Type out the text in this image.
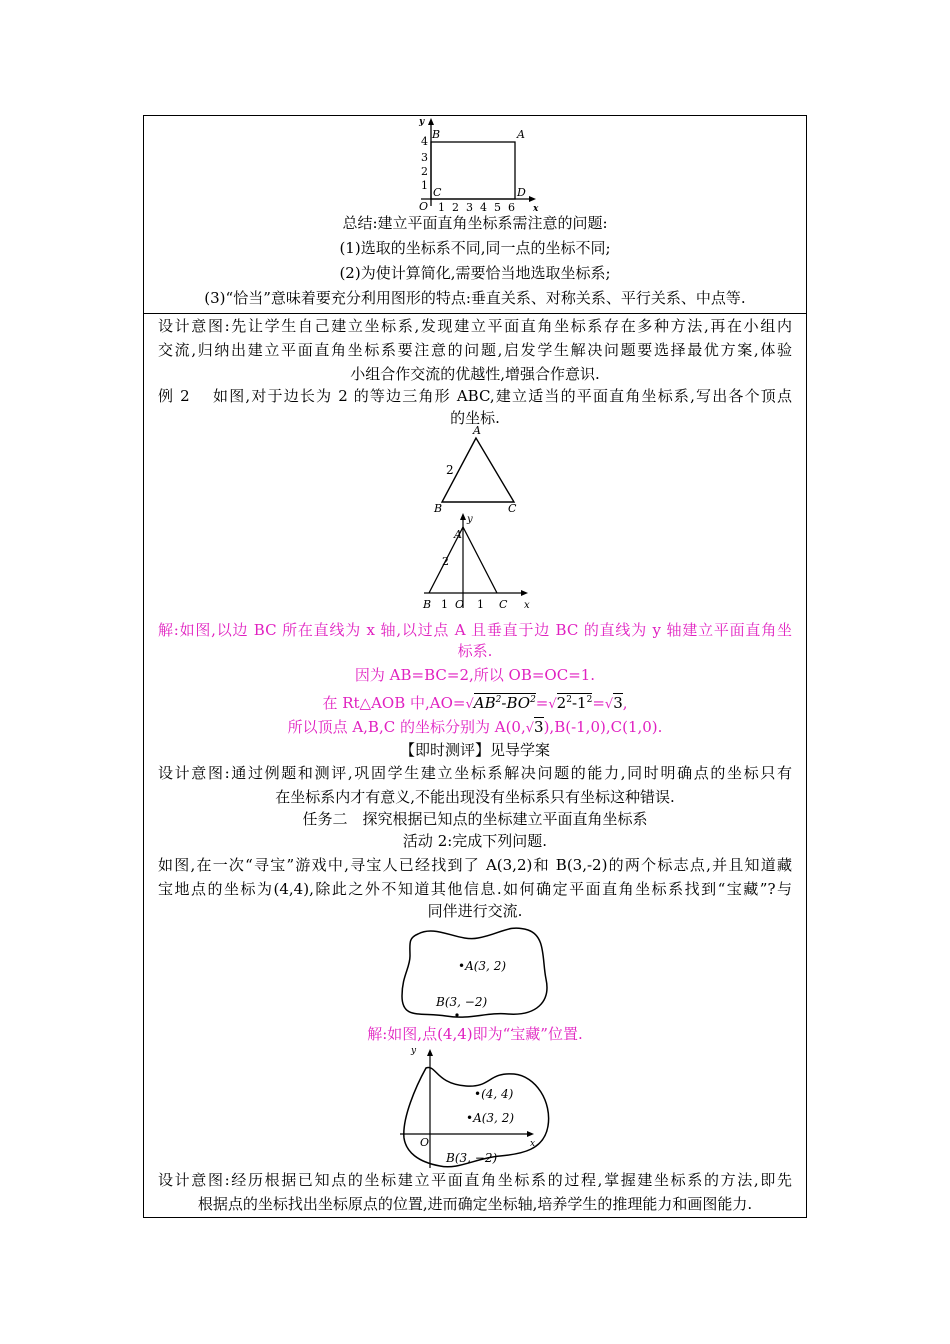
y
x
4
3
2
1
O 1 2 3 4 5 6
B	A
C	D
总结:建立平面直角坐标系需注意的问题:
(1)选取的坐标系不同,同一点的坐标不同;
(2)为使计算简化,需要恰当地选取坐标系;
(3)“恰当”意味着要充分利用图形的特点:垂直关系、对称关系、平行关系、中点等.
设计意图:先让学生自己建立坐标系,发现建立平面直角坐标系存在多种方法,再在小组内
交流,归纳出建立平面直角坐标系要注意的问题,启发学生解决问题要选择最优方案,体验
小组合作交流的优越性,增强合作意识.
例 2　 如图,对于边长为 2 的等边三角形 ABC,建立适当的平面直角坐标系,写出各个顶点
的坐标.
A
B	C
2
y
x
A
2
B 1 O 1 C
解:如图,以边 BC 所在直线为 x 轴,以过点 A 且垂直于边 BC 的直线为 y 轴建立平面直角坐
标系.
因为 AB=BC=2,所以 OB=OC=1.
在 Rt△AOB 中$,AO=√AB^2-BO^2=√2^2-1^2=√3$,
所以顶点 A,B,C 的坐标分别为 A(0,√3),B(-1,0),C(1,0).
【即时测评】见导学案
设计意图:通过例题和测评,巩固学生建立坐标系解决问题的能力,同时明确点的坐标只有
在坐标系内才有意义,不能出现没有坐标系只有坐标这种错误.
任务二　探究根据已知点的坐标建立平面直角坐标系
活动 2:完成下列问题.
如图,在一次“寻宝”游戏中,寻宝人已经找到了 A(3,2)和 B(3,-2)的两个标志点,并且知道藏
宝地点的坐标为(4,4),除此之外不知道其他信息.如何确定平面直角坐标系找到“宝藏”?与
同伴进行交流.
•A(3, 2)
B(3, −2)
解:如图,点(4,4)即为“宝藏”位置.
y
x
O
•(4, 4)
•A(3, 2)
B(3, −2)
设计意图:经历根据已知点的坐标建立平面直角坐标系的过程,掌握建坐标系的方法,即先
根据点的坐标找出坐标原点的位置,进而确定坐标轴,培养学生的推理能力和画图能力.
